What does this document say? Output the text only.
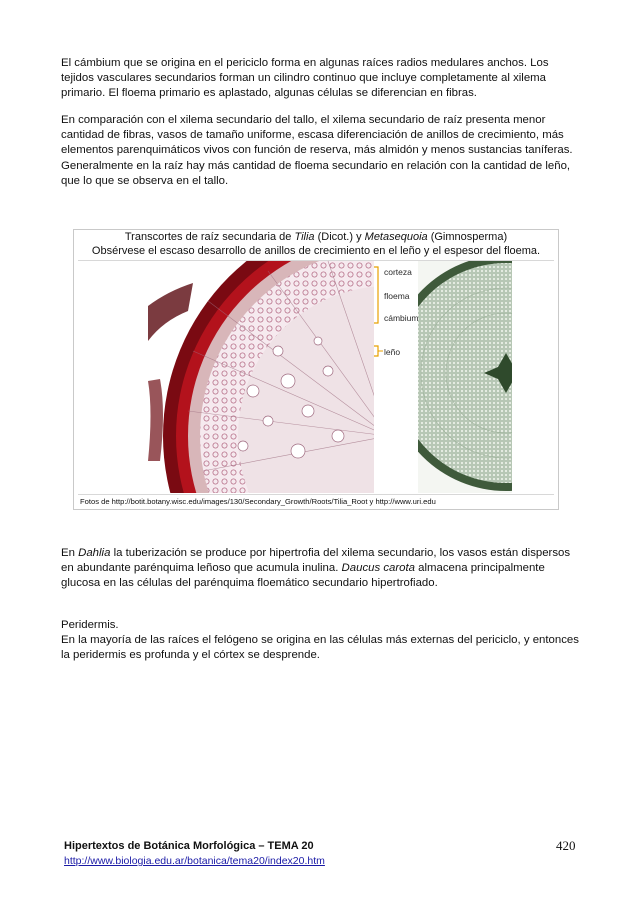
El cámbium que se origina en el periciclo forma en algunas raíces radios medulares anchos. Los tejidos vasculares secundarios forman un cilindro continuo que incluye completamente al xilema primario. El floema primario es aplastado, algunas células se diferencian en fibras.

En comparación con el xilema secundario del tallo, el xilema secundario de raíz presenta menor cantidad de fibras, vasos de tamaño uniforme, escasa diferenciación de anillos de crecimiento, más elementos parenquimáticos vivos con función de reserva, más almidón y menos sustancias taníferas. Generalmente en la raíz hay más cantidad de floema secundario en relación con la cantidad de leño, que lo que se observa en el tallo.

Transcortes de raíz secundaria de Tilia (Dicot.) y Metasequoia (Gimnosperma)
Obsérvese el escaso desarrollo de anillos de crecimiento en el leño y el espesor del floema.
corteza
floema
cámbium
leño
Fotos de http://botit.botany.wisc.edu/images/130/Secondary_Growth/Roots/Tilia_Root y http://www.uri.edu

En Dahlia la tuberización se produce por hipertrofia del xilema secundario, los vasos están dispersos en abundante parénquima leñoso que acumula inulina. Daucus carota almacena principalmente glucosa en las células del parénquima floemático secundario hipertrofiado.

Peridermis.
En la mayoría de las raíces el felógeno se origina en las células más externas del periciclo, y entonces la peridermis es profunda y el córtex se desprende.
Hipertextos de Botánica Morfológica – TEMA 20
http://www.biologia.edu.ar/botanica/tema20/index20.htm
420
